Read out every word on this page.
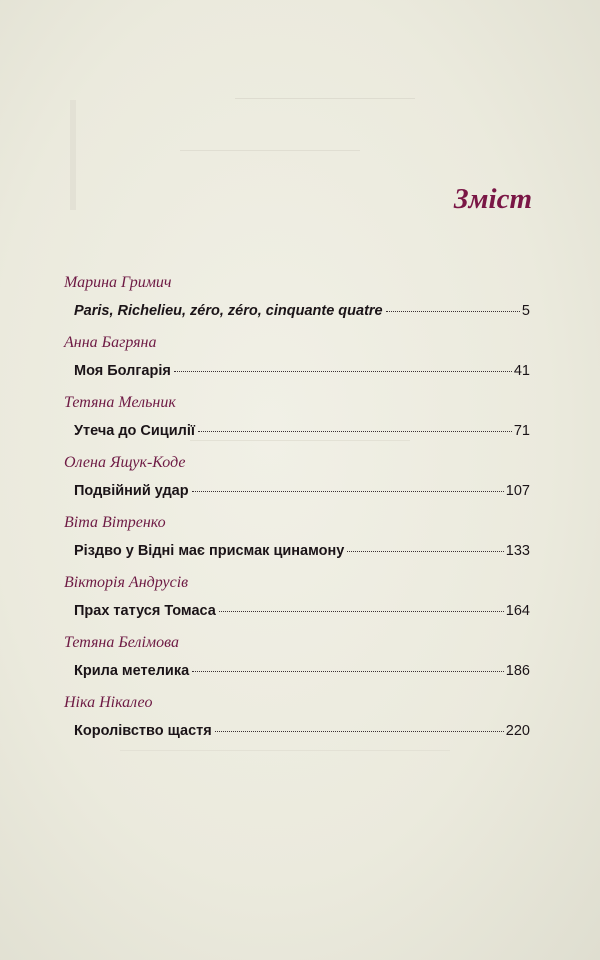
Зміст
Марина Гримич
Paris, Richelieu, zéro, zéro, cinquante quatre	5
Анна Багряна
Моя Болгарія	41
Тетяна Мельник
Утеча до Сицилії	71
Олена Ящук-Коде
Подвійний удар	107
Віта Вітренко
Різдво у Відні має присмак цинамону	133
Вікторія Андрусів
Прах татуся Томаса	164
Тетяна Белімова
Крила метелика	186
Ніка Нікалео
Королівство щастя	220
